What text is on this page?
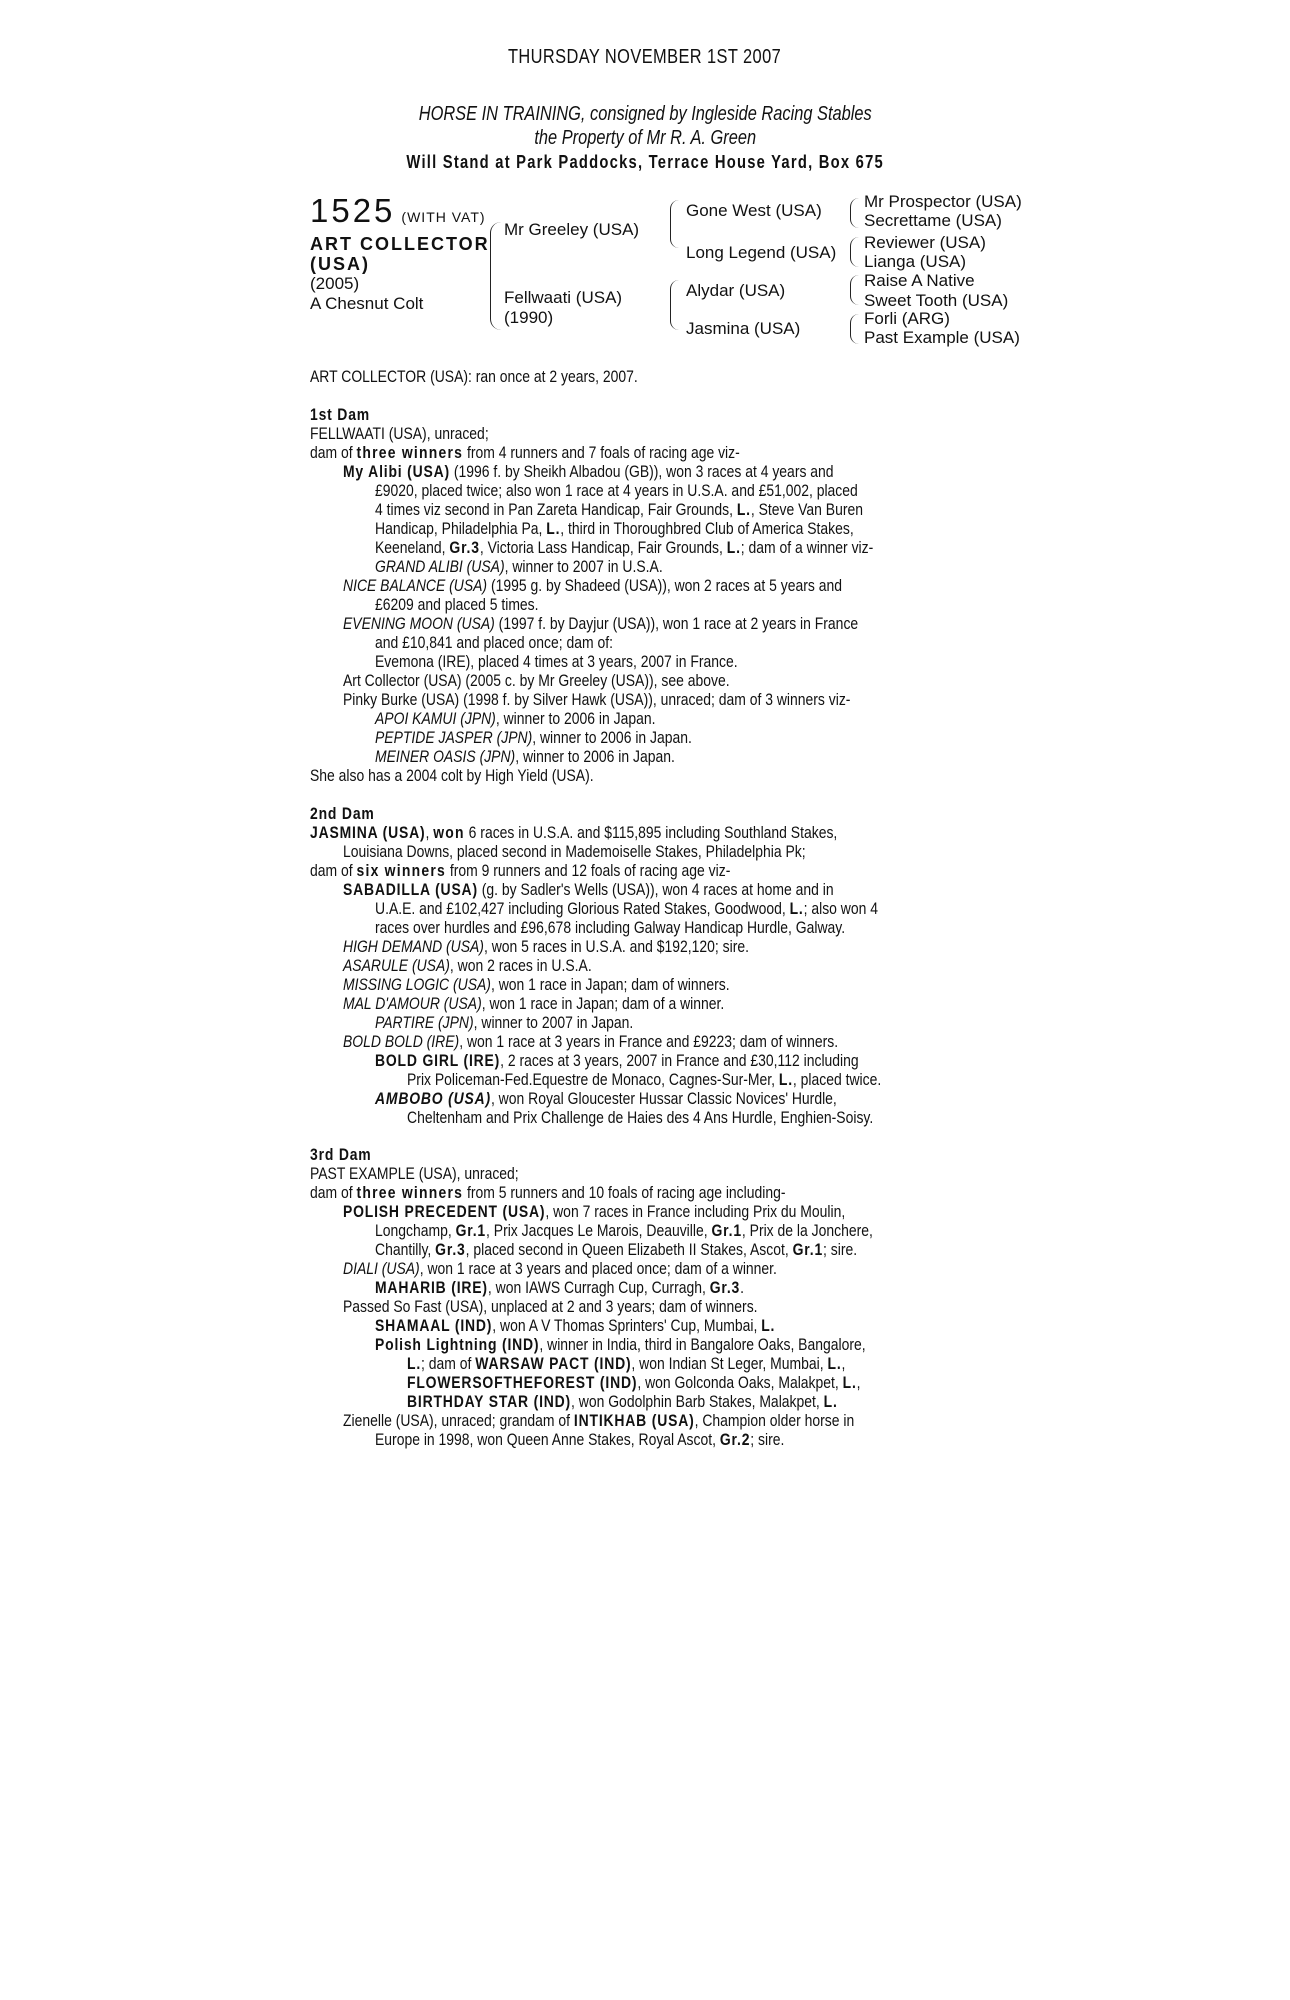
THURSDAY NOVEMBER 1ST 2007
HORSE IN TRAINING, consigned by Ingleside Racing Stables
the Property of Mr R. A. Green
Will Stand at Park Paddocks, Terrace House Yard, Box 675
1525 (WITH VAT)
ART COLLECTOR
(USA)
(2005)
A Chesnut Colt
Mr Greeley (USA)
Fellwaati (USA)
(1990)
Gone West (USA)
Long Legend (USA)
Alydar (USA)
Jasmina (USA)
Mr Prospector (USA)
Secrettame (USA)
Reviewer (USA)
Lianga (USA)
Raise A Native
Sweet Tooth (USA)
Forli (ARG)
Past Example (USA)
ART COLLECTOR (USA): ran once at 2 years, 2007.
1st Dam
FELLWAATI (USA), unraced;
dam of three winners from 4 runners and 7 foals of racing age viz-
My Alibi (USA) (1996 f. by Sheikh Albadou (GB)), won 3 races at 4 years and
£9020, placed twice; also won 1 race at 4 years in U.S.A. and £51,002, placed
4 times viz second in Pan Zareta Handicap, Fair Grounds, L., Steve Van Buren
Handicap, Philadelphia Pa, L., third in Thoroughbred Club of America Stakes,
Keeneland, Gr.3, Victoria Lass Handicap, Fair Grounds, L.; dam of a winner viz-
GRAND ALIBI (USA), winner to 2007 in U.S.A.
NICE BALANCE (USA) (1995 g. by Shadeed (USA)), won 2 races at 5 years and
£6209 and placed 5 times.
EVENING MOON (USA) (1997 f. by Dayjur (USA)), won 1 race at 2 years in France
and £10,841 and placed once; dam of:
Evemona (IRE), placed 4 times at 3 years, 2007 in France.
Art Collector (USA) (2005 c. by Mr Greeley (USA)), see above.
Pinky Burke (USA) (1998 f. by Silver Hawk (USA)), unraced; dam of 3 winners viz-
APOI KAMUI (JPN), winner to 2006 in Japan.
PEPTIDE JASPER (JPN), winner to 2006 in Japan.
MEINER OASIS (JPN), winner to 2006 in Japan.
She also has a 2004 colt by High Yield (USA).
2nd Dam
JASMINA (USA), won 6 races in U.S.A. and $115,895 including Southland Stakes,
Louisiana Downs, placed second in Mademoiselle Stakes, Philadelphia Pk;
dam of six winners from 9 runners and 12 foals of racing age viz-
SABADILLA (USA) (g. by Sadler's Wells (USA)), won 4 races at home and in
U.A.E. and £102,427 including Glorious Rated Stakes, Goodwood, L.; also won 4
races over hurdles and £96,678 including Galway Handicap Hurdle, Galway.
HIGH DEMAND (USA), won 5 races in U.S.A. and $192,120; sire.
ASARULE (USA), won 2 races in U.S.A.
MISSING LOGIC (USA), won 1 race in Japan; dam of winners.
MAL D'AMOUR (USA), won 1 race in Japan; dam of a winner.
PARTIRE (JPN), winner to 2007 in Japan.
BOLD BOLD (IRE), won 1 race at 3 years in France and £9223; dam of winners.
BOLD GIRL (IRE), 2 races at 3 years, 2007 in France and £30,112 including
Prix Policeman-Fed.Equestre de Monaco, Cagnes-Sur-Mer, L., placed twice.
AMBOBO (USA), won Royal Gloucester Hussar Classic Novices' Hurdle,
Cheltenham and Prix Challenge de Haies des 4 Ans Hurdle, Enghien-Soisy.
3rd Dam
PAST EXAMPLE (USA), unraced;
dam of three winners from 5 runners and 10 foals of racing age including-
POLISH PRECEDENT (USA), won 7 races in France including Prix du Moulin,
Longchamp, Gr.1, Prix Jacques Le Marois, Deauville, Gr.1, Prix de la Jonchere,
Chantilly, Gr.3, placed second in Queen Elizabeth II Stakes, Ascot, Gr.1; sire.
DIALI (USA), won 1 race at 3 years and placed once; dam of a winner.
MAHARIB (IRE), won IAWS Curragh Cup, Curragh, Gr.3.
Passed So Fast (USA), unplaced at 2 and 3 years; dam of winners.
SHAMAAL (IND), won A V Thomas Sprinters' Cup, Mumbai, L.
Polish Lightning (IND), winner in India, third in Bangalore Oaks, Bangalore,
L.; dam of WARSAW PACT (IND), won Indian St Leger, Mumbai, L.,
FLOWERSOFTHEFOREST (IND), won Golconda Oaks, Malakpet, L.,
BIRTHDAY STAR (IND), won Godolphin Barb Stakes, Malakpet, L.
Zienelle (USA), unraced; grandam of INTIKHAB (USA), Champion older horse in
Europe in 1998, won Queen Anne Stakes, Royal Ascot, Gr.2; sire.
